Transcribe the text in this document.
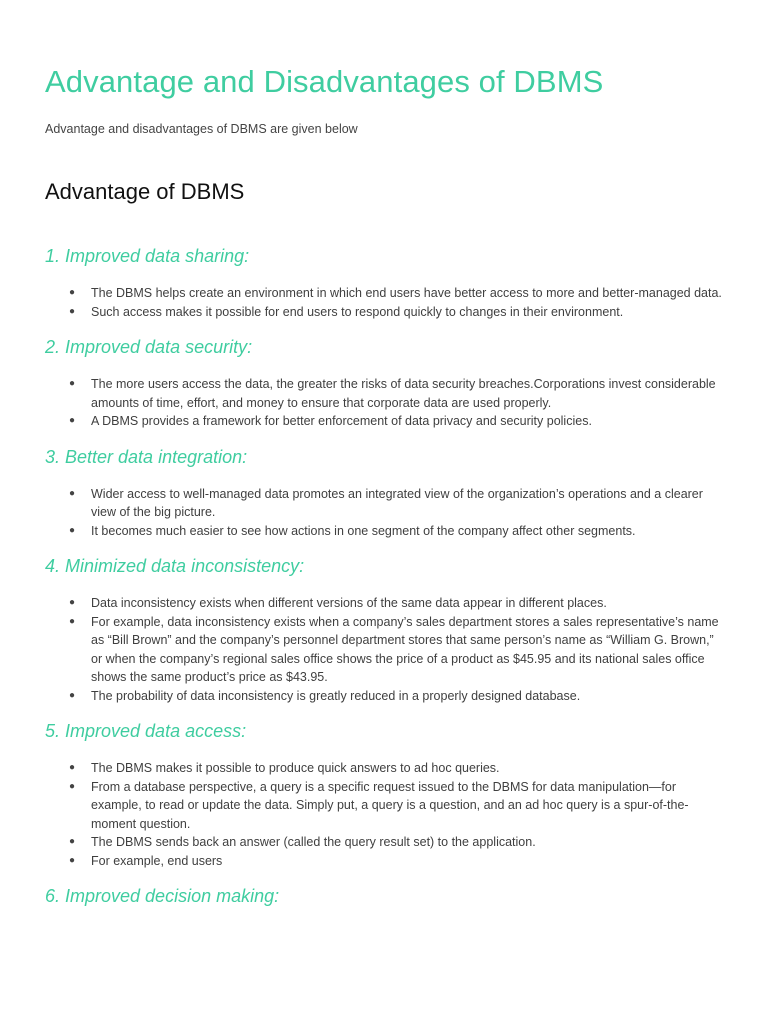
Advantage and Disadvantages of DBMS

Advantage and disadvantages of DBMS are given below

Advantage of DBMS
1. Improved data sharing:
● The DBMS helps create an environment in which end users have better access to more and better-managed data.
● Such access makes it possible for end users to respond quickly to changes in their environment.
2. Improved data security:
● The more users access the data, the greater the risks of data security breaches.Corporations invest considerable amounts of time, effort, and money to ensure that corporate data are used properly.
● A DBMS provides a framework for better enforcement of data privacy and security policies.
3. Better data integration:
● Wider access to well-managed data promotes an integrated view of the organization’s operations and a clearer view of the big picture.
● It becomes much easier to see how actions in one segment of the company affect other segments.
4. Minimized data inconsistency:
● Data inconsistency exists when different versions of the same data appear in different places.
● For example, data inconsistency exists when a company’s sales department stores a sales representative’s name as “Bill Brown” and the company’s personnel department stores that same person’s name as “William G. Brown,” or when the company’s regional sales office shows the price of a product as $45.95 and its national sales office shows the same product’s price as $43.95.
● The probability of data inconsistency is greatly reduced in a properly designed database.
5. Improved data access:
● The DBMS makes it possible to produce quick answers to ad hoc queries.
● From a database perspective, a query is a specific request issued to the DBMS for data manipulation—for example, to read or update the data. Simply put, a query is a question, and an ad hoc query is a spur-of-the-moment question.
● The DBMS sends back an answer (called the query result set) to the application.
● For example, end users
6. Improved decision making:
